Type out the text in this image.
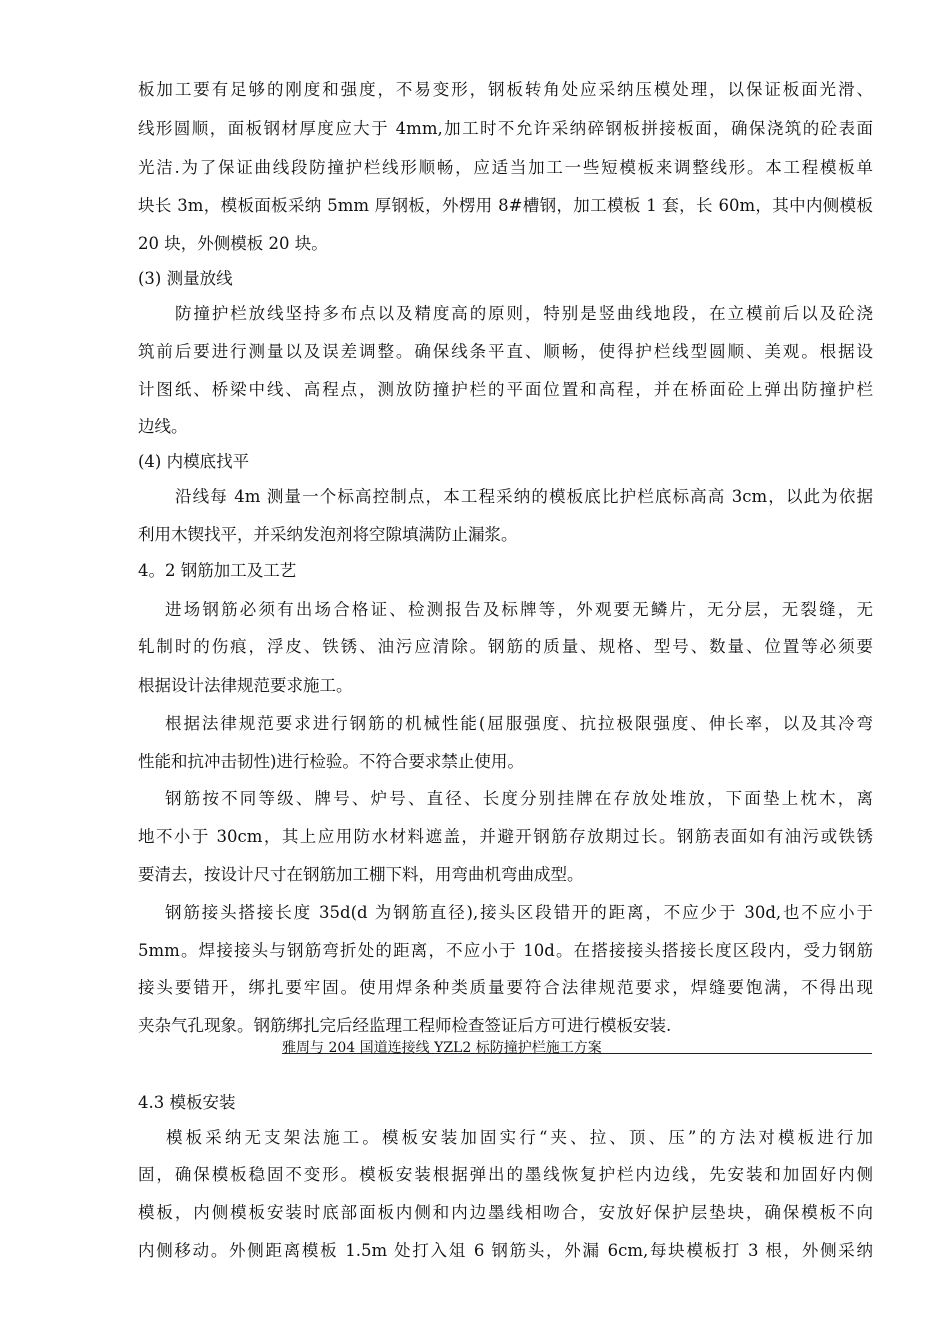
板加工要有足够的刚度和强度，不易变形，钢板转角处应采纳压模处理，以保证板面光滑、
线形圆顺，面板钢材厚度应大于 4mm,加工时不允许采纳碎钢板拼接板面，确保浇筑的砼表面
光洁.为了保证曲线段防撞护栏线形顺畅，应适当加工一些短模板来调整线形。本工程模板单
块长 3m，模板面板采纳 5mm 厚钢板，外楞用 8#槽钢，加工模板 1 套，长 60m，其中内侧模板
20 块，外侧模板 20 块。
(3) 测量放线
防撞护栏放线坚持多布点以及精度高的原则，特别是竖曲线地段，在立模前后以及砼浇
筑前后要进行测量以及误差调整。确保线条平直、顺畅，使得护栏线型圆顺、美观。根据设
计图纸、桥梁中线、高程点，测放防撞护栏的平面位置和高程，并在桥面砼上弹出防撞护栏
边线。
(4) 内模底找平
沿线每 4m 测量一个标高控制点，本工程采纳的模板底比护栏底标高高 3cm，以此为依据
利用木锲找平，并采纳发泡剂将空隙填满防止漏浆。
4。2 钢筋加工及工艺
进场钢筋必须有出场合格证、检测报告及标牌等，外观要无鳞片，无分层，无裂缝，无
轧制时的伤痕，浮皮、铁锈、油污应清除。钢筋的质量、规格、型号、数量、位置等必须要
根据设计法律规范要求施工。
根据法律规范要求进行钢筋的机械性能(屈服强度、抗拉极限强度、伸长率，以及其冷弯
性能和抗冲击韧性)进行检验。不符合要求禁止使用。
钢筋按不同等级、牌号、炉号、直径、长度分别挂牌在存放处堆放，下面垫上枕木，离
地不小于 30cm，其上应用防水材料遮盖，并避开钢筋存放期过长。钢筋表面如有油污或铁锈
要清去，按设计尺寸在钢筋加工棚下料，用弯曲机弯曲成型。
钢筋接头搭接长度 35d(d 为钢筋直径),接头区段错开的距离，不应少于 30d,也不应小于
5mm。焊接接头与钢筋弯折处的距离，不应小于 10d。在搭接接头搭接长度区段内，受力钢筋
接头要错开，绑扎要牢固。使用焊条种类质量要符合法律规范要求，焊缝要饱满，不得出现
夹杂气孔现象。钢筋绑扎完后经监理工程师检查签证后方可进行模板安装.
雅周与 204 国道连接线 YZL2 标防撞护栏施工方案
4.3 模板安装
模板采纳无支架法施工。模板安装加固实行“夹、拉、顶、压”的方法对模板进行加
固，确保模板稳固不变形。模板安装根据弹出的墨线恢复护栏内边线，先安装和加固好内侧
模板，内侧模板安装时底部面板内侧和内边墨线相吻合，安放好保护层垫块，确保模板不向
内侧移动。外侧距离模板 1.5m 处打入俎 6 钢筋头，外漏 6cm,每块模板打 3 根，外侧采纳
